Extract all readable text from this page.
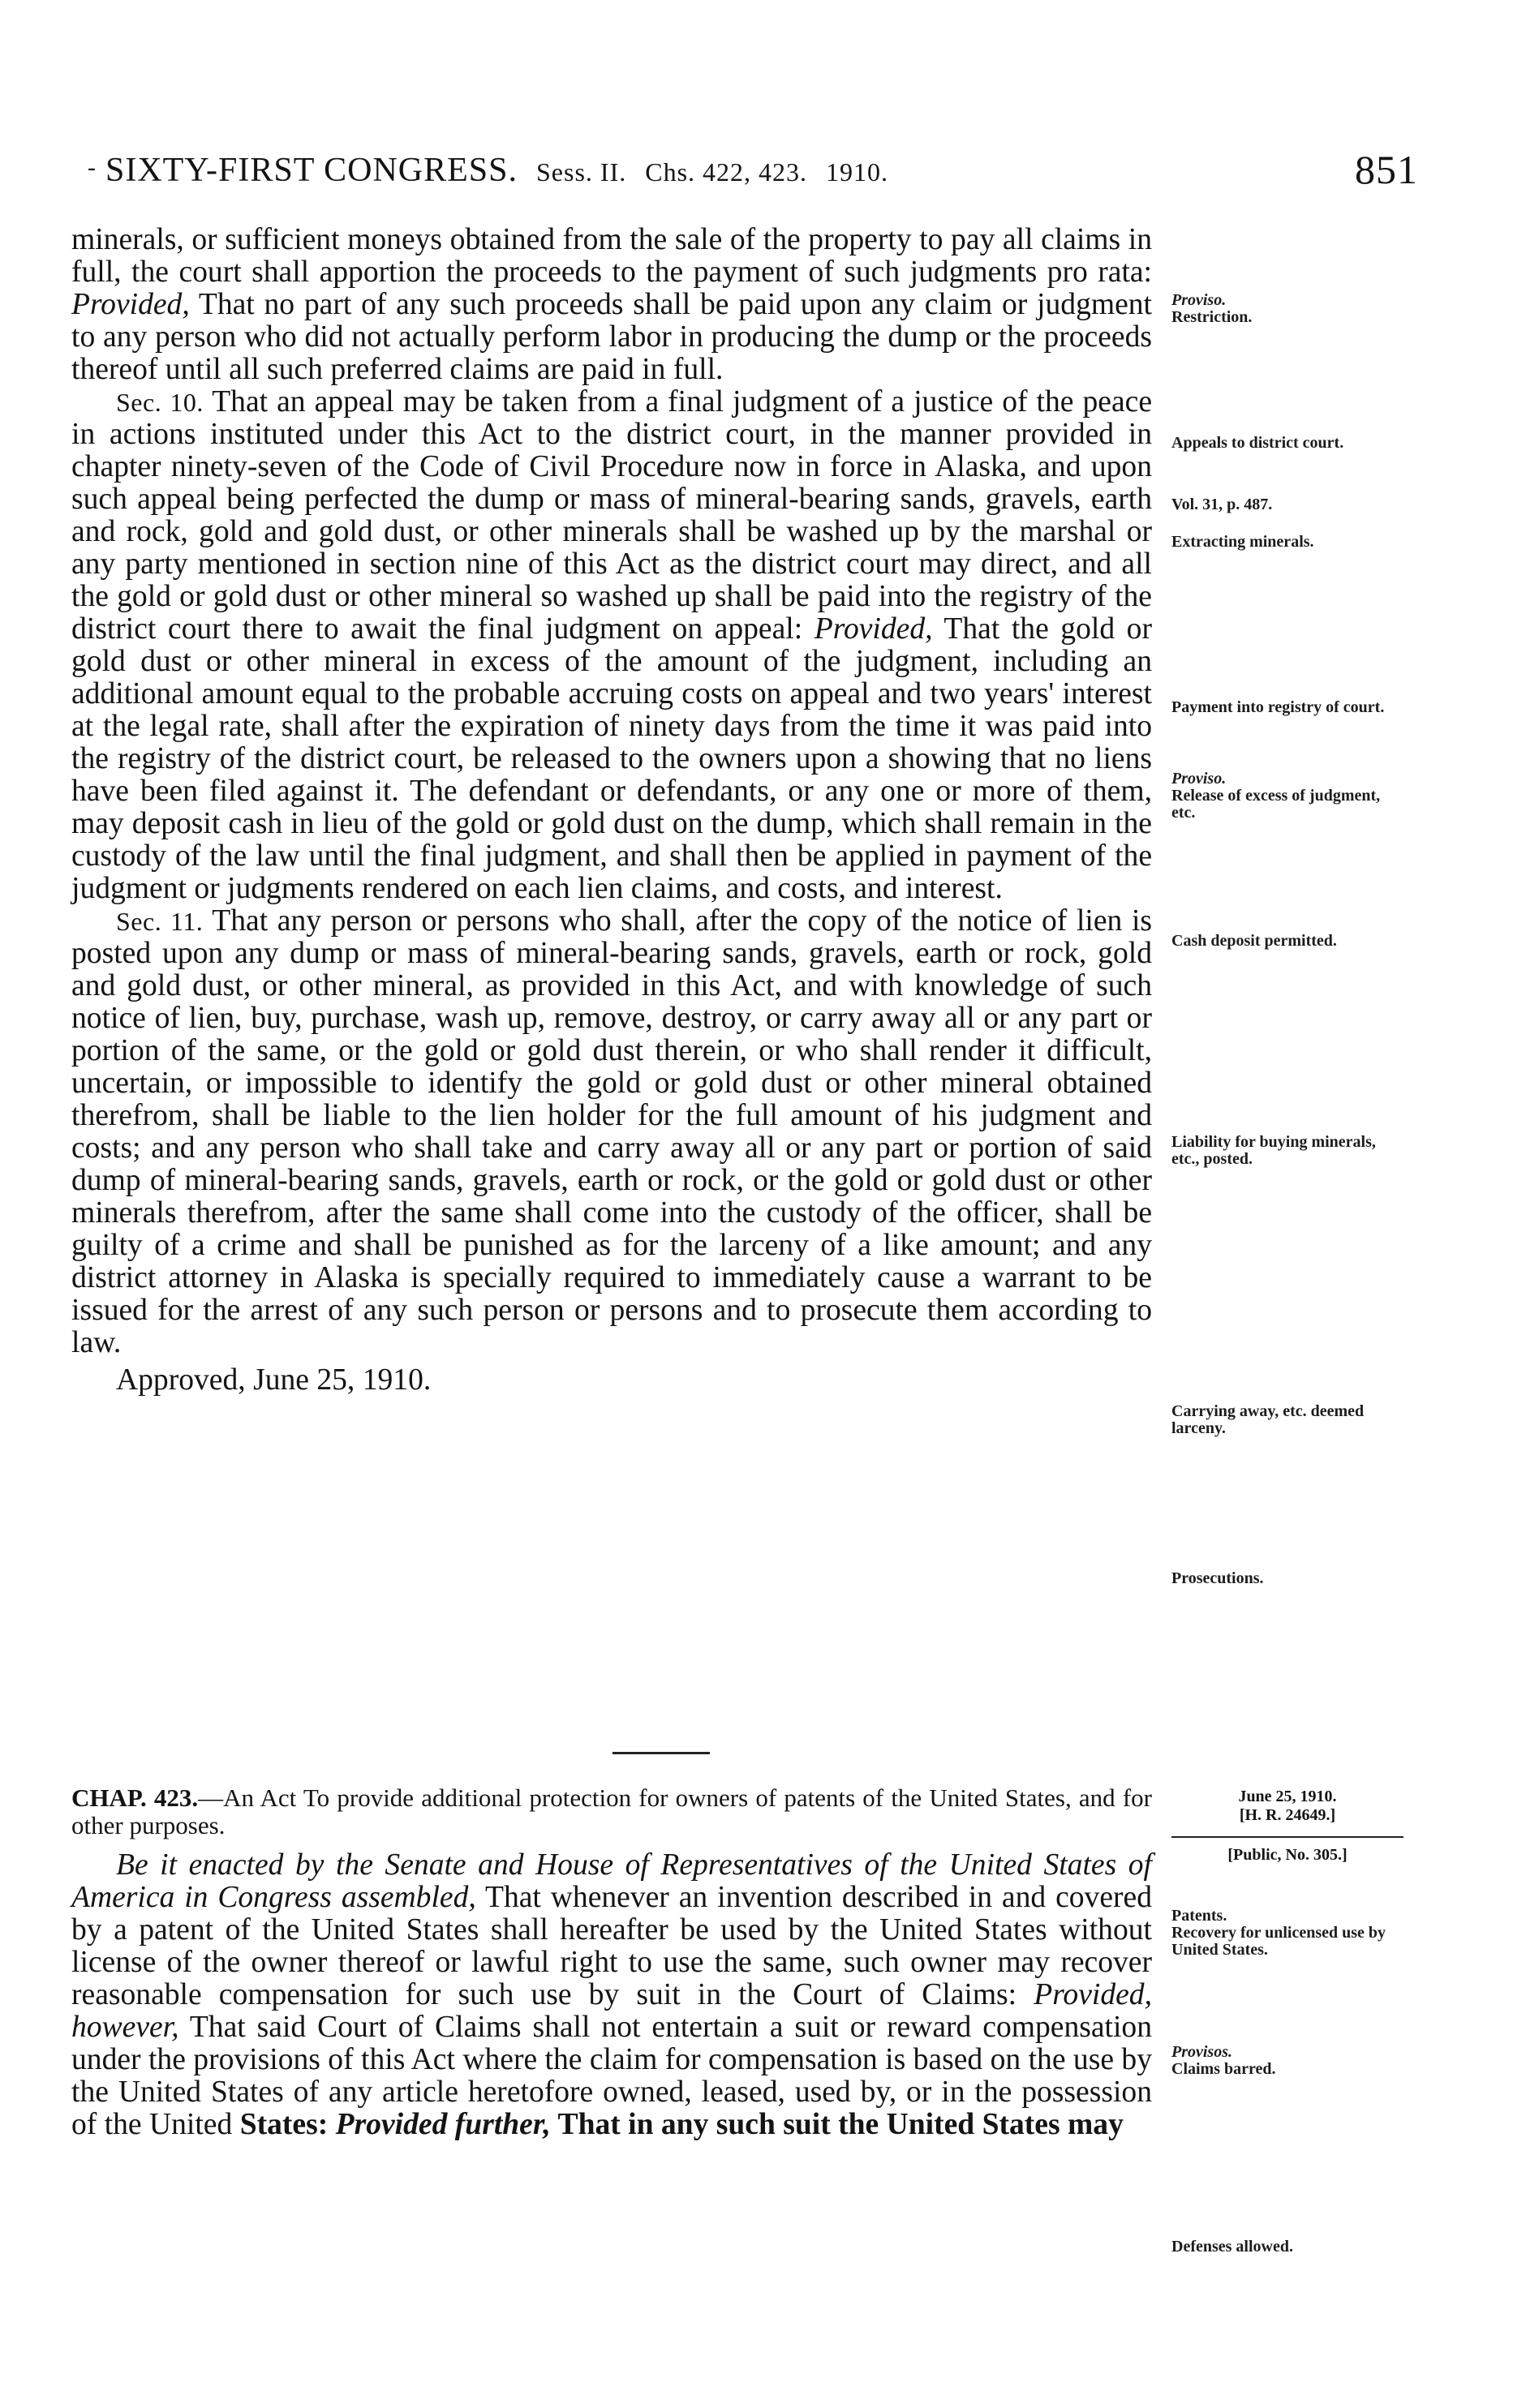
- SIXTY-FIRST CONGRESS. Sess. II. Chs. 422, 423. 1910.	851

minerals, or sufficient moneys obtained from the sale of the property to pay all claims in full, the court shall apportion the proceeds to the payment of such judgments pro rata: Provided, That no part of any such proceeds shall be paid upon any claim or judgment to any person who did not actually perform labor in producing the dump or the proceeds thereof until all such preferred claims are paid in full.

Sec. 10. That an appeal may be taken from a final judgment of a justice of the peace in actions instituted under this Act to the district court, in the manner provided in chapter ninety-seven of the Code of Civil Procedure now in force in Alaska, and upon such appeal being perfected the dump or mass of mineral-bearing sands, gravels, earth and rock, gold and gold dust, or other minerals shall be washed up by the marshal or any party mentioned in section nine of this Act as the district court may direct, and all the gold or gold dust or other mineral so washed up shall be paid into the registry of the district court there to await the final judgment on appeal: Provided, That the gold or gold dust or other mineral in excess of the amount of the judgment, including an additional amount equal to the probable accruing costs on appeal and two years' interest at the legal rate, shall after the expiration of ninety days from the time it was paid into the registry of the district court, be released to the owners upon a showing that no liens have been filed against it. The defendant or defendants, or any one or more of them, may deposit cash in lieu of the gold or gold dust on the dump, which shall remain in the custody of the law until the final judgment, and shall then be applied in payment of the judgment or judgments rendered on each lien claims, and costs, and interest.

Sec. 11. That any person or persons who shall, after the copy of the notice of lien is posted upon any dump or mass of mineral-bearing sands, gravels, earth or rock, gold and gold dust, or other mineral, as provided in this Act, and with knowledge of such notice of lien, buy, purchase, wash up, remove, destroy, or carry away all or any part or portion of the same, or the gold or gold dust therein, or who shall render it difficult, uncertain, or impossible to identify the gold or gold dust or other mineral obtained therefrom, shall be liable to the lien holder for the full amount of his judgment and costs; and any person who shall take and carry away all or any part or portion of said dump of mineral-bearing sands, gravels, earth or rock, or the gold or gold dust or other minerals therefrom, after the same shall come into the custody of the officer, shall be guilty of a crime and shall be punished as for the larceny of a like amount; and any district attorney in Alaska is specially required to immediately cause a warrant to be issued for the arrest of any such person or persons and to prosecute them according to law.

Approved, June 25, 1910.

CHAP. 423.—An Act To provide additional protection for owners of patents of the United States, and for other purposes.

Be it enacted by the Senate and House of Representatives of the United States of America in Congress assembled, That whenever an invention described in and covered by a patent of the United States shall hereafter be used by the United States without license of the owner thereof or lawful right to use the same, such owner may recover reasonable compensation for such use by suit in the Court of Claims: Provided, however, That said Court of Claims shall not entertain a suit or reward compensation under the provisions of this Act where the claim for compensation is based on the use by the United States of any article heretofore owned, leased, used by, or in the possession of the United States: Provided further, That in any such suit the United States may

Proviso.
Restriction.
Appeals to district court.
Vol. 31, p. 487.
Extracting minerals.
Payment into registry of court.
Proviso.
Release of excess of judgment, etc.
Cash deposit permitted.
Liability for buying minerals, etc., posted.
Carrying away, etc. deemed larceny.
Prosecutions.
June 25, 1910.
[H. R. 24649.]
[Public, No. 305.]
Patents.
Recovery for unlicensed use by United States.
Provisos.
Claims barred.
Defenses allowed.
